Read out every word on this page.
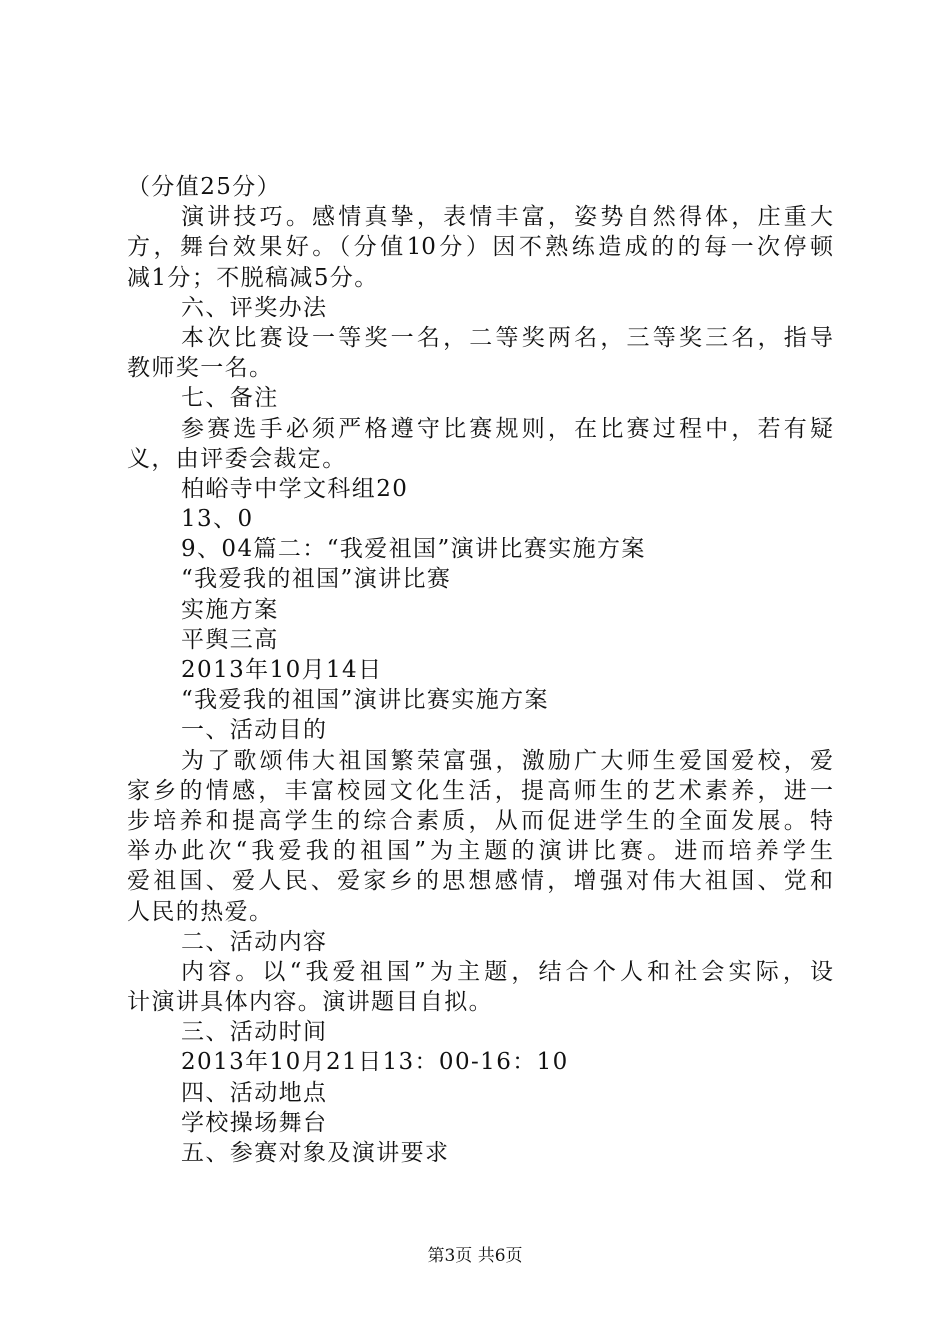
（分值25分）
演讲技巧。感情真挚，表情丰富，姿势自然得体，庄重大
方，舞台效果好。（分值10分）因不熟练造成的的每一次停顿
减1分；不脱稿减5分。
六、评奖办法
本次比赛设一等奖一名，二等奖两名，三等奖三名，指导
教师奖一名。
七、备注
参赛选手必须严格遵守比赛规则，在比赛过程中，若有疑
义，由评委会裁定。
柏峪寺中学文科组20
13、0
9、04篇二：“我爱祖国”演讲比赛实施方案
“我爱我的祖国”演讲比赛
实施方案
平舆三高
2013年10月14日
“我爱我的祖国”演讲比赛实施方案
一、活动目的
为了歌颂伟大祖国繁荣富强，激励广大师生爱国爱校，爱
家乡的情感，丰富校园文化生活，提高师生的艺术素养，进一
步培养和提高学生的综合素质，从而促进学生的全面发展。特
举办此次“我爱我的祖国”为主题的演讲比赛。进而培养学生
爱祖国、爱人民、爱家乡的思想感情，增强对伟大祖国、党和
人民的热爱。
二、活动内容
内容。以“我爱祖国”为主题，结合个人和社会实际，设
计演讲具体内容。演讲题目自拟。
三、活动时间
2013年10月21日13：00-16：10
四、活动地点
学校操场舞台
五、参赛对象及演讲要求
第3页 共6页
